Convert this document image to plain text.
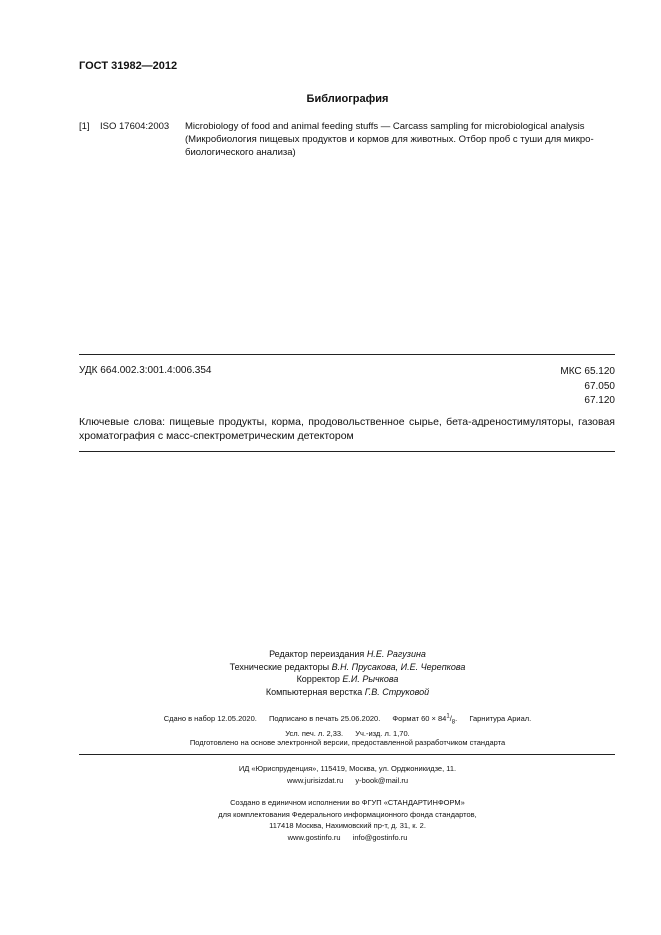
ГОСТ 31982—2012
Библиография
[1] ISO 17604:2003 Microbiology of food and animal feeding stuffs — Carcass sampling for microbiological analysis (Микробиология пищевых продуктов и кормов для животных. Отбор проб с туши для микро-биологического анализа)
УДК 664.002.3:001.4:006.354	МКС 65.120
67.050
67.120
Ключевые слова: пищевые продукты, корма, продовольственное сырье, бета-адреностимуляторы, газовая хроматография с масс-спектрометрическим детектором
Редактор переиздания Н.Е. Рагузина
Технические редакторы В.Н. Прусакова, И.Е. Черепкова
Корректор Е.И. Рычкова
Компьютерная верстка Г.В. Струковой
Сдано в набор 12.05.2020. Подписано в печать 25.06.2020. Формат $60 \times 84^1/_8$. Гарнитура Ариал.
Усл. печ. л. 2,33. Уч.-изд. л. 1,70.
Подготовлено на основе электронной версии, предоставленной разработчиком стандарта
ИД «Юриспруденция», 115419, Москва, ул. Орджоникидзе, 11.
www.jurisizdat.ru y-book@mail.ru
Создано в единичном исполнении во ФГУП «СТАНДАРТИНФОРМ»
для комплектования Федерального информационного фонда стандартов,
117418 Москва, Нахимовский пр-т, д. 31, к. 2.
www.gostinfo.ru info@gostinfo.ru
